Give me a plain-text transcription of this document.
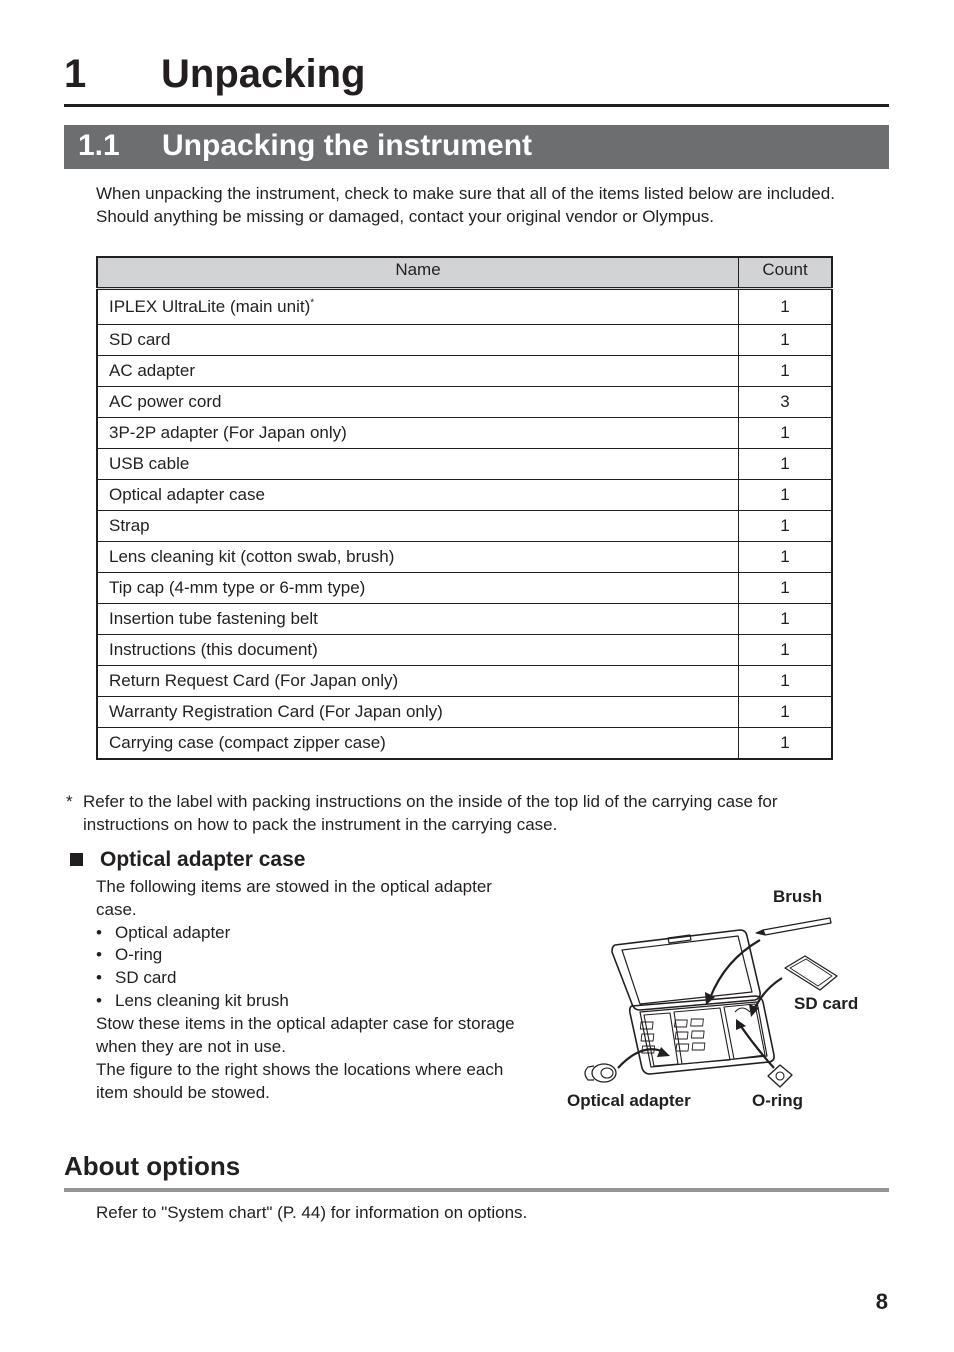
1 Unpacking
1.1 Unpacking the instrument
When unpacking the instrument, check to make sure that all of the items listed below are included.
Should anything be missing or damaged, contact your original vendor or Olympus.
Name	Count
IPLEX UltraLite (main unit)*	1
SD card	1
AC adapter	1
AC power cord	3
3P-2P adapter (For Japan only)	1
USB cable	1
Optical adapter case	1
Strap	1
Lens cleaning kit (cotton swab, brush)	1
Tip cap (4-mm type or 6-mm type)	1
Insertion tube fastening belt	1
Instructions (this document)	1
Return Request Card (For Japan only)	1
Warranty Registration Card (For Japan only)	1
Carrying case (compact zipper case)	1
* Refer to the label with packing instructions on the inside of the top lid of the carrying case for
instructions on how to pack the instrument in the carrying case.
Optical adapter case
The following items are stowed in the optical adapter
case.
• Optical adapter
• O-ring
• SD card
• Lens cleaning kit brush
Stow these items in the optical adapter case for storage
when they are not in use.
The figure to the right shows the locations where each
item should be stowed.
Brush
SD card
Optical adapter	O-ring
About options
Refer to "System chart" (P. 44) for information on options.
8
